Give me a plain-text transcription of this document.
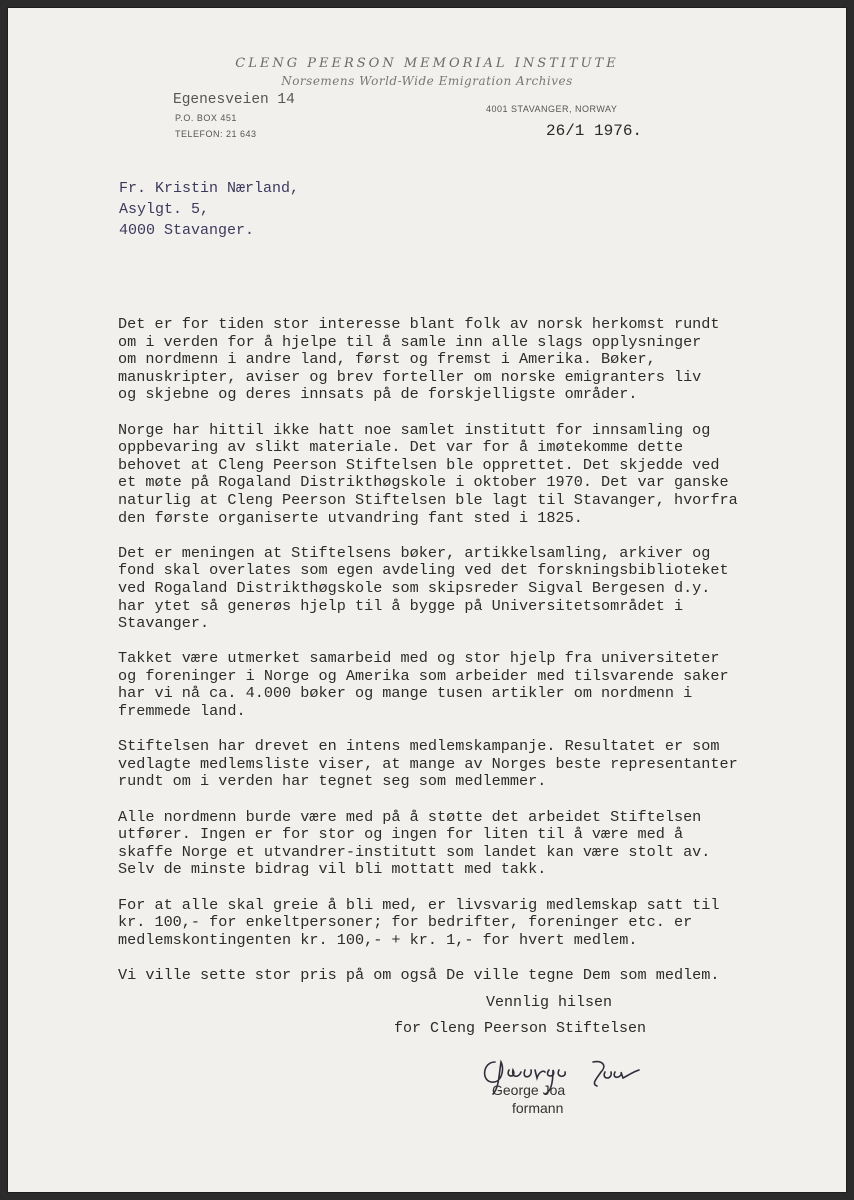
CLENG PEERSON MEMORIAL INSTITUTE
Norsemens World-Wide Emigration Archives
Egenesveien 14
P.O. BOX 451
TELEFON: 21 643
4001 STAVANGER, NORWAY
26/1 1976.
Fr. Kristin Nærland,
Asylgt. 5,
4000 Stavanger.

Det er for tiden stor interesse blant folk av norsk herkomst rundt
om i verden for å hjelpe til å samle inn alle slags opplysninger
om nordmenn i andre land, først og fremst i Amerika. Bøker,
manuskripter, aviser og brev forteller om norske emigranters liv
og skjebne og deres innsats på de forskjelligste områder.

Norge har hittil ikke hatt noe samlet institutt for innsamling og
oppbevaring av slikt materiale. Det var for å imøtekomme dette
behovet at Cleng Peerson Stiftelsen ble opprettet. Det skjedde ved
et møte på Rogaland Distrikthøgskole i oktober 1970. Det var ganske
naturlig at Cleng Peerson Stiftelsen ble lagt til Stavanger, hvorfra
den første organiserte utvandring fant sted i 1825.

Det er meningen at Stiftelsens bøker, artikkelsamling, arkiver og
fond skal overlates som egen avdeling ved det forskningsbiblioteket
ved Rogaland Distrikthøgskole som skipsreder Sigval Bergesen d.y.
har ytet så generøs hjelp til å bygge på Universitetsområdet i
Stavanger.

Takket være utmerket samarbeid med og stor hjelp fra universiteter
og foreninger i Norge og Amerika som arbeider med tilsvarende saker
har vi nå ca. 4.000 bøker og mange tusen artikler om nordmenn i
fremmede land.

Stiftelsen har drevet en intens medlemskampanje. Resultatet er som
vedlagte medlemsliste viser, at mange av Norges beste representanter
rundt om i verden har tegnet seg som medlemmer.

Alle nordmenn burde være med på å støtte det arbeidet Stiftelsen
utfører. Ingen er for stor og ingen for liten til å være med å
skaffe Norge et utvandrer-institutt som landet kan være stolt av.
Selv de minste bidrag vil bli mottatt med takk.

For at alle skal greie å bli med, er livsvarig medlemskap satt til
kr. 100,- for enkeltpersoner; for bedrifter, foreninger etc. er
medlemskontingenten kr. 100,- + kr. 1,- for hvert medlem.

Vi ville sette stor pris på om også De ville tegne Dem som medlem.

Vennlig hilsen
for Cleng Peerson Stiftelsen
George Joa
formann
